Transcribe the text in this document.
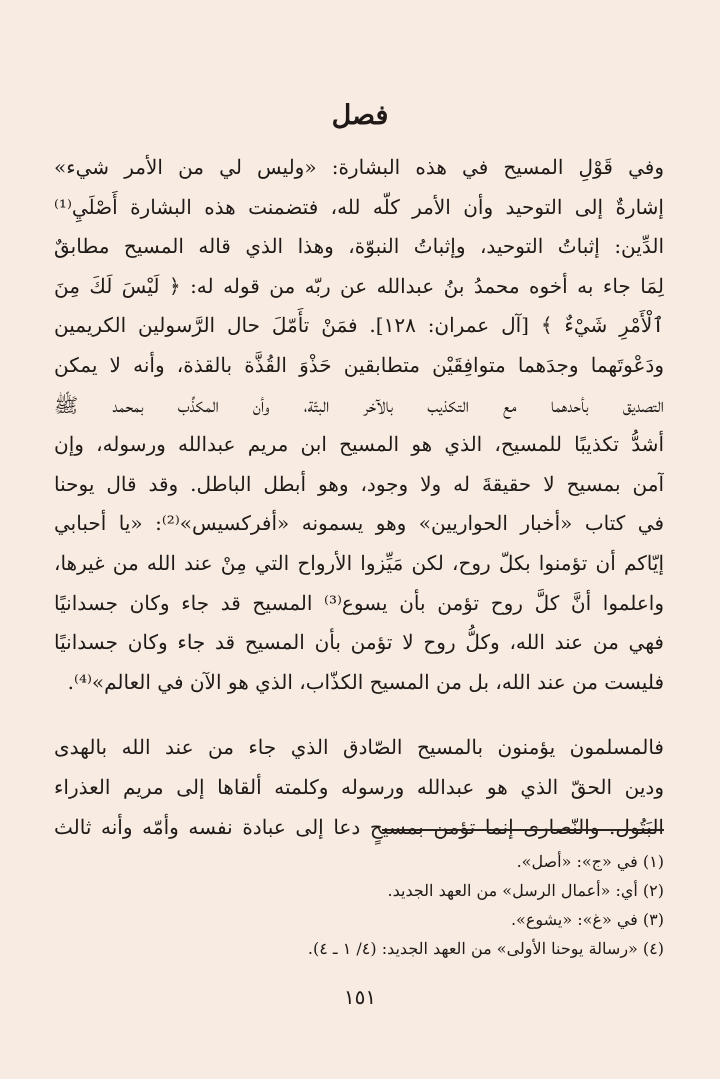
فصل
وفي قَوْلِ المسيح في هذه البشارة: «وليس لي من الأمر شيء»
إشارةٌ إلى التوحيد وأن الأمر كلّه لله، فتضمنت هذه البشارة أَصْلَيِ⁽¹⁾
الدِّين: إثباتُ التوحيد، وإثباتُ النبوّة، وهذا الذي قاله المسيح مطابقٌ
لِمَا جاء به أخوه محمدُ بنُ عبدالله عن ربّه من قوله له: ﴿ لَيْسَ لَكَ مِنَ
ٱلْأَمْرِ شَيْءٌ ﴾ [آل عمران: ١٢٨]. فمَنْ تأَمّلَ حال الرَّسولين الكريمين
ودَعْوتَهما وجدَهما متوافِقَيْن متطابقين حَذْوَ القُذَّة بالقذة، وأنه لا يمكن
التصديق بأحدهما مع التكذيب بالآخر البتّة، وأن المكذِّب بمحمد ﷺ
أشدُّ تكذيبًا للمسيح، الذي هو المسيح ابن مريم عبدالله ورسوله، وإن
آمن بمسيح لا حقيقةَ له ولا وجود، وهو أبطل الباطل. وقد قال يوحنا
في كتاب «أخبار الحواريين» وهو يسمونه «أفركسيس»⁽²⁾: «يا أحبابي
إيّاكم أن تؤمنوا بكلّ روح، لكن مَيِّزوا الأرواح التي مِنْ عند الله من غيرها،
واعلموا أنَّ كلَّ روح تؤمن بأن يسوع⁽³⁾ المسيح قد جاء وكان جسدانيًا
فهي من عند الله، وكلُّ روح لا تؤمن بأن المسيح قد جاء وكان جسدانيًا
فليست من عند الله، بل من المسيح الكذّاب، الذي هو الآن في العالم»⁽⁴⁾.
فالمسلمون يؤمنون بالمسيح الصّادق الذي جاء من عند الله بالهدى
ودين الحقّ الذي هو عبدالله ورسوله وكلمته ألقاها إلى مريم العذراء
البَتُول. والنّصارى إنما تؤمن بمسيحٍ دعا إلى عبادة نفسه وأمّه وأنه ثالث
(١) في «ج»: «أصل».
(٢) أي: «أعمال الرسل» من العهد الجديد.
(٣) في «غ»: «يشوع».
(٤) «رسالة يوحنا الأولى» من العهد الجديد: (٤/ ١ ـ ٤).
١٥١
